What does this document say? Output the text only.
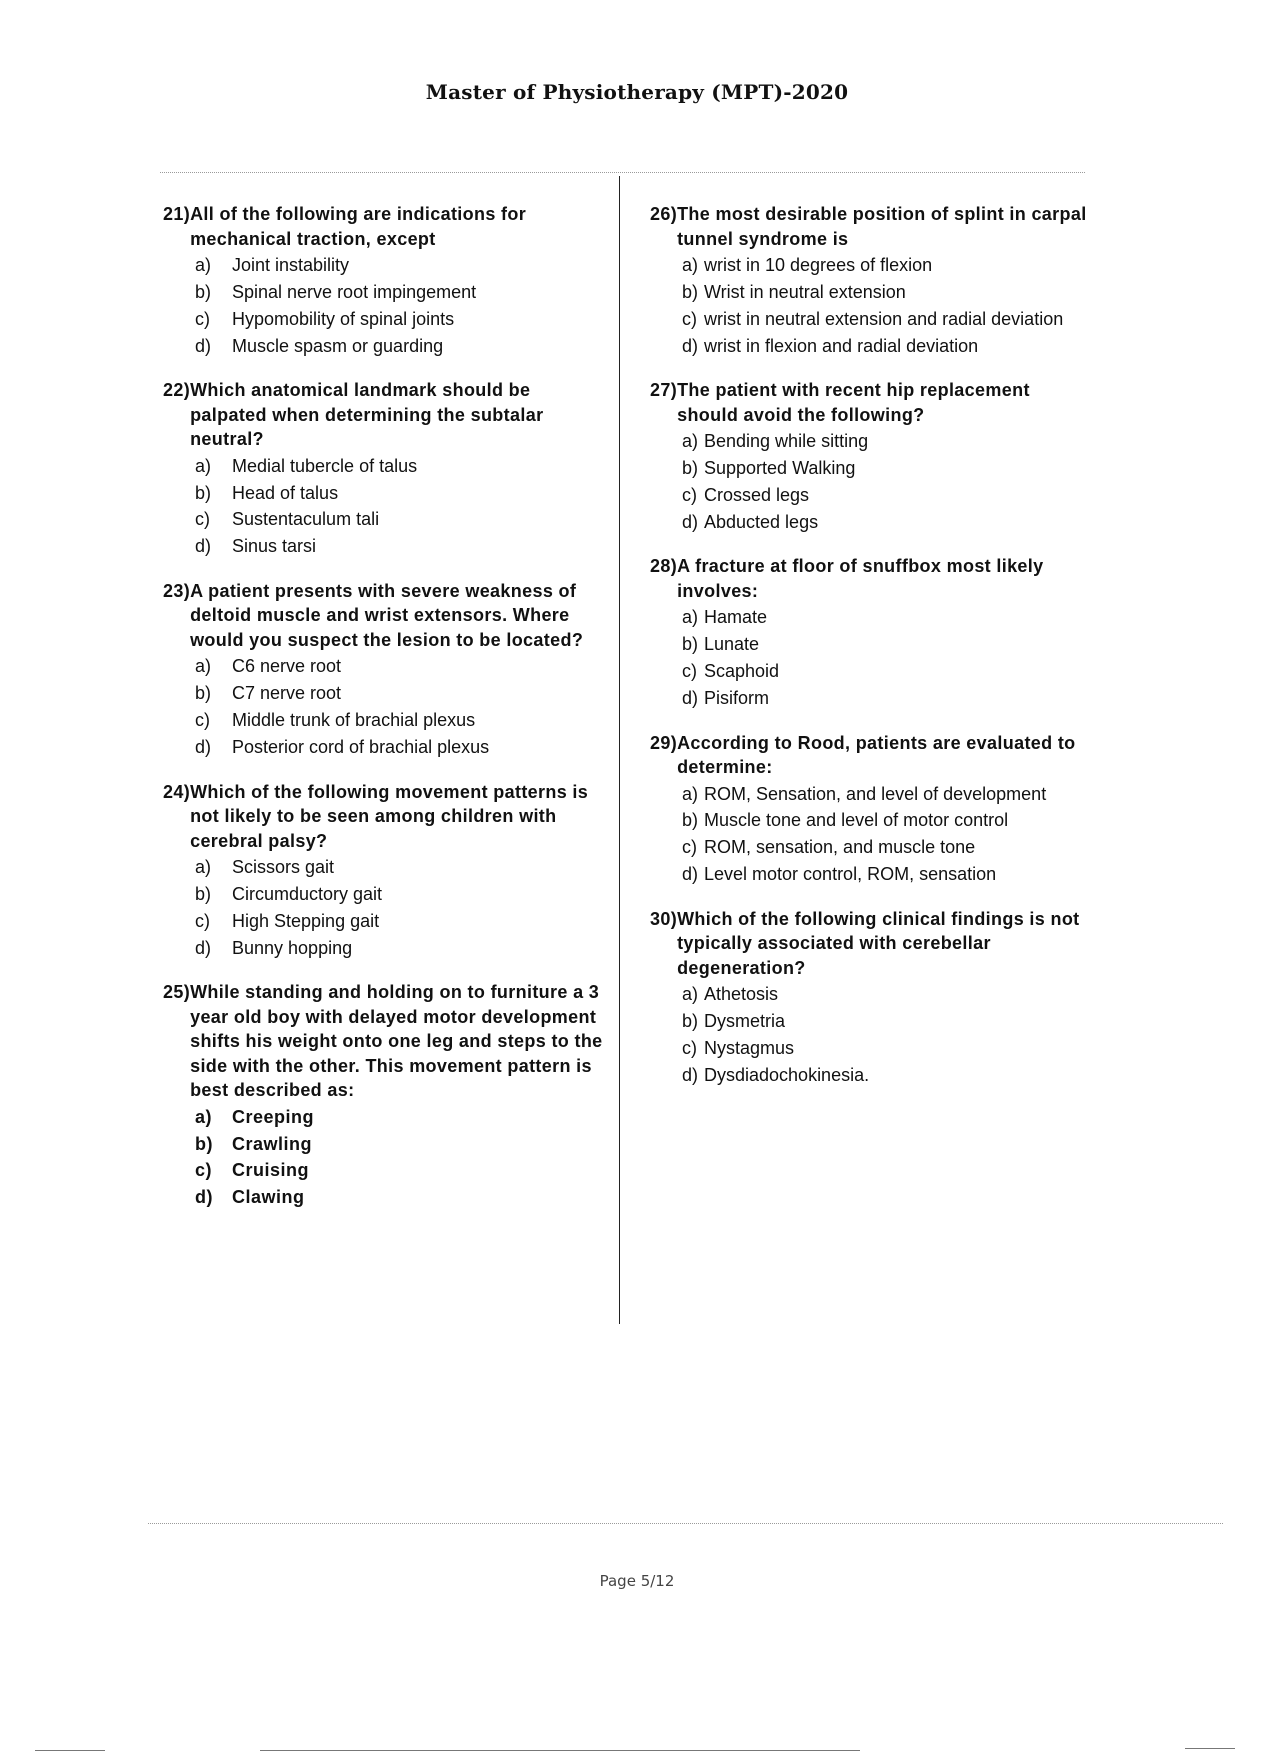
Master of Physiotherapy (MPT)-2020
21) All of the following are indications for mechanical traction, except
a)	Joint instability
b)	Spinal nerve root impingement
c)	Hypomobility of spinal joints
d)	Muscle spasm or guarding
22) Which anatomical landmark should be palpated when determining the subtalar neutral?
a)	Medial tubercle of talus
b)	Head of talus
c)	Sustentaculum tali
d)	Sinus tarsi
23) A patient presents with severe weakness of deltoid muscle and wrist extensors. Where would you suspect the lesion to be located?
a)	C6 nerve root
b)	C7 nerve root
c)	Middle trunk of brachial plexus
d)	Posterior cord of brachial plexus
24) Which of the following movement patterns is not likely to be seen among children with cerebral palsy?
a)	Scissors gait
b)	Circumductory gait
c)	High Stepping gait
d)	Bunny hopping
25) While standing and holding on to furniture a 3 year old boy with delayed motor development shifts his weight onto one leg and steps to the side with the other. This movement pattern is best described as:
a)	Creeping
b)	Crawling
c)	Cruising
d)	Clawing
26) The most desirable position of splint in carpal tunnel syndrome is
a) wrist in 10 degrees of flexion
b) Wrist in neutral extension
c) wrist in neutral extension and radial deviation
d) wrist in flexion and radial deviation
27) The patient with recent hip replacement should avoid the following?
a) Bending while sitting
b) Supported Walking
c) Crossed legs
d) Abducted legs
28) A fracture at floor of snuffbox most likely involves:
a) Hamate
b) Lunate
c) Scaphoid
d) Pisiform
29) According to Rood, patients are evaluated to determine:
a) ROM, Sensation, and level of development
b) Muscle tone and level of motor control
c) ROM, sensation, and muscle tone
d) Level motor control, ROM, sensation
30) Which of the following clinical findings is not typically associated with cerebellar degeneration?
a) Athetosis
b) Dysmetria
c) Nystagmus
d) Dysdiadochokinesia.
Page 5/12
